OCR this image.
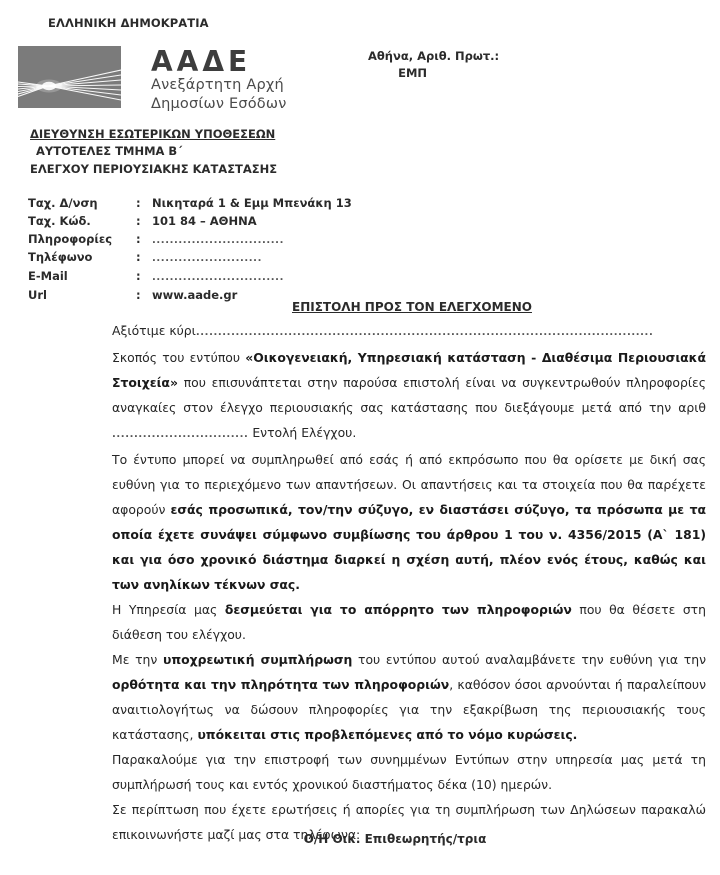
ΕΛΛΗΝΙΚΗ ΔΗΜΟΚΡΑΤΙΑ
ΑΑΔΕ
Ανεξάρτητη Αρχή
Δημοσίων Εσόδων
Αθήνα, Αριθ. Πρωτ.:
ΕΜΠ
ΔΙΕΥΘΥΝΣΗ ΕΣΩΤΕΡΙΚΩΝ ΥΠΟΘΕΣΕΩΝ
ΑΥΤΟΤΕΛΕΣ ΤΜΗΜΑ Β΄
ΕΛΕΓΧΟΥ ΠΕΡΙΟΥΣΙΑΚΗΣ ΚΑΤΑΣΤΑΣΗΣ
Ταχ. Δ/νση	:	Νικηταρά 1 & Εμμ Μπενάκη 13
Ταχ. Κώδ.	:	101 84 – ΑΘΗΝΑ
Πληροφορίες	:	..............................
Τηλέφωνο	:	.........................
E-Mail	:	..............................
Url	:	www.aade.gr
ΕΠΙΣΤΟΛΗ ΠΡΟΣ ΤΟΝ ΕΛΕΓΧΟΜΕΝΟ

Αξιότιμε κύρι........................................................................................................

Σκοπός του εντύπου «Οικογενειακή, Υπηρεσιακή κατάσταση - Διαθέσιμα Περιουσιακά Στοιχεία» που επισυνάπτεται στην παρούσα επιστολή είναι να συγκεντρωθούν πληροφορίες αναγκαίες στον έλεγχο περιουσιακής σας κατάστασης που διεξάγουμε μετά από την αριθ ............................... Εντολή Ελέγχου.

Το έντυπο μπορεί να συμπληρωθεί από εσάς ή από εκπρόσωπο που θα ορίσετε με δική σας ευθύνη για το περιεχόμενο των απαντήσεων. Οι απαντήσεις και τα στοιχεία που θα παρέχετε αφορούν εσάς προσωπικά, τον/την σύζυγο, εν διαστάσει σύζυγο, τα πρόσωπα με τα οποία έχετε συνάψει σύμφωνο συμβίωσης του άρθρου 1 του ν. 4356/2015 (Α` 181) και για όσο χρονικό διάστημα διαρκεί η σχέση αυτή, πλέον ενός έτους, καθώς και των ανηλίκων τέκνων σας.

Η Υπηρεσία μας δεσμεύεται για το απόρρητο των πληροφοριών που θα θέσετε στη διάθεση του ελέγχου.

Με την υποχρεωτική συμπλήρωση του εντύπου αυτού αναλαμβάνετε την ευθύνη για την ορθότητα και την πληρότητα των πληροφοριών, καθόσον όσοι αρνούνται ή παραλείπουν αναιτιολογήτως να δώσουν πληροφορίες για την εξακρίβωση της περιουσιακής τους κατάστασης, υπόκειται στις προβλεπόμενες από το νόμο κυρώσεις.

Παρακαλούμε για την επιστροφή των συνημμένων Εντύπων στην υπηρεσία μας μετά τη συμπλήρωσή τους και εντός χρονικού διαστήματος δέκα (10) ημερών.

Σε περίπτωση που έχετε ερωτήσεις ή απορίες για τη συμπλήρωση των Δηλώσεων παρακαλώ επικοινωνήστε μαζί μας στα τηλέφωνα:

Ο/Η Οικ. Επιθεωρητής/τρια
